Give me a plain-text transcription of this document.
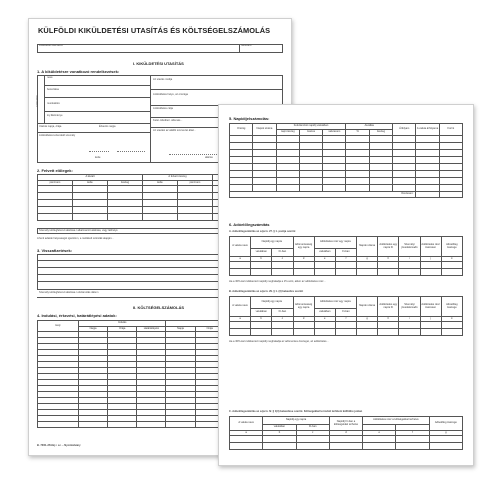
KÜLFÖLDI KIKÜLDETÉSI UTASÍTÁS ÉS KÖLTSÉGELSZÁMOLÁS
A kiküldött szervezet	Sorszám:
I. KIKÜLDETÉSI UTASÍTÁS
1. A kiküldetésre vonatkozó rendelkezések:
A kiküldött
neve
beosztása
munkaköre
iny.illetménye
Utazás napja, órája	Érkezés napja
A kiküldetést elrendelő személy
kelte
Az utazás módja
A kiküldetés helye, az országa
A kiküldetés célja
Kelet.-Mediterr. állomás...
Az utazást az alábbi szervezet által...
aláírás
2. Felvett előlegek:
A kiutalt			A felvett összeg	
pénznem	kelte	összeg	kelte	pénznem		

Személyi előlegfelvevő aláírása / alkalmazott aláírása, vagy lakhelye
A fenti adatok helyességét igazolom, a mellékelt számlák alapján...
3. Visszafizetések:
Személyi előlegfelvevő aláírása / elszámolás dátum
II. KÖLTSÉGELSZÁMOLÁS
4. Indulási, érkezési, határátlépési adatok:
Hely	Indulás	
	Napja	Órája	Határátlépési	Napja	Órája		

B. 7300–261/új r. sz. – Nyomtatvány
5. Napidíjelszámolás:
Ország	Napok száma	Felszámított napidíj valutában			Átváltás		Árfolyam	A valuta árfolyama	Forint
		napi összeg	összes	valutanem	%	összeg			

Összesen:									
6. Adóelőlegszámítás
A. Adóelőlegszámítás az szja tv. 27. § 1. pontja szerint
A valuta neve	Napidíj egy napra		Adómentesség egy napra	Adóköteles rész egy napra		Napok száma	Adóköteles egy napra Ft	Személyi jövedelemadó	Adóköteles rész összesen	Adóelőleg összege
	valutában	Ft-ban		valutában	Ft-ban					
a	b	c	d	e	f	g	h	i	j	k

Ha a 30%-kal csökkentett napidíj meghaladja a 15 eurót, akkor az adóköteles rész...
B. Adóelőlegszámítás az szja tv. 29. § 1. (3) bekezdés szerint
A valuta neve	Napidíj egy napra		Adómentesség egy napra	Adóköteles rész egy napra		Napok száma	Adóköteles egy napra Ft	Személyi jövedelemadó	Adóköteles rész összesen	Adóelőleg összege
	valutában	Ft-ban		valutában	Ft-ban					
a	b	c	d	e	f	g	h	i	j	k

Ha a 30%-kal csökkentett napidíj meghaladja az adómentes összeget, az adóköteles...
C. Adóelőlegszámítás az szja tv. 6/. § 1(3) bekezdése szerint. Költségekkel lerrodott lerhiteni külföldre jutóan
A valuta neve	Napidíj egy napra		Napidíj Ft-ban a költségekkel terhelve	Adóköteles rész a költségekkel terhelve		Adóelőleg összege
	valutában	Ft-ban				
a	b	c	d	e	f	g
